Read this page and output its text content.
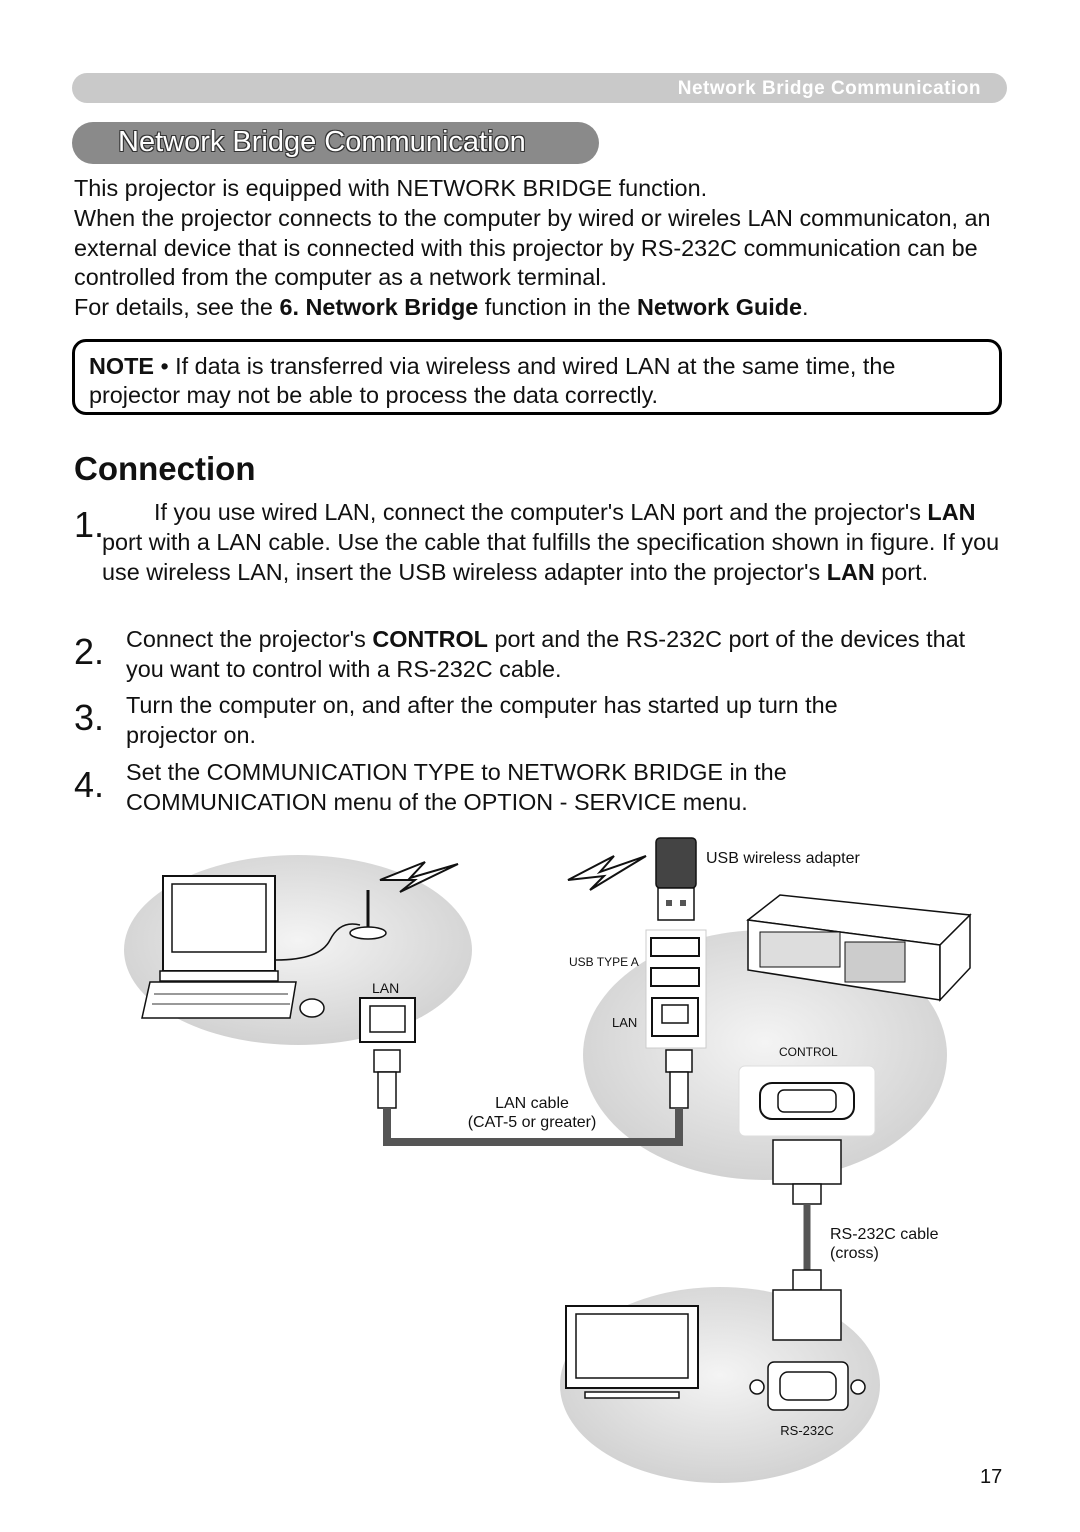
Network Bridge Communication
Network Bridge Communication

This projector is equipped with NETWORK BRIDGE function.

When the projector connects to the computer by wired or wireles LAN communicaton, an external device that is connected with this projector by RS-232C communication can be controlled from the computer as a network terminal.

For details, see the 6. Network Bridge function in the Network Guide.

NOTE • If data is transferred via wireless and wired LAN at the same time, the projector may not be able to process the data correctly.
Connection
1.	If you use wired LAN, connect the computer's LAN port and the projector's LAN port with a LAN cable. Use the cable that fulfills the specification shown in figure. If you use wireless LAN, insert the USB wireless adapter into the projector's LAN port.
2. Connect the projector's CONTROL port and the RS-232C port of the devices that you want to control with a RS-232C cable.
3. Turn the computer on, and after the computer has started up turn the projector on.
4. Set the COMMUNICATION TYPE to NETWORK BRIDGE in the COMMUNICATION menu of the OPTION - SERVICE menu.
USB wireless adapter
USB TYPE A
LAN
CONTROL
LAN
LAN cable
(CAT-5 or greater)
RS-232C cable
(cross)
RS-232C
17
